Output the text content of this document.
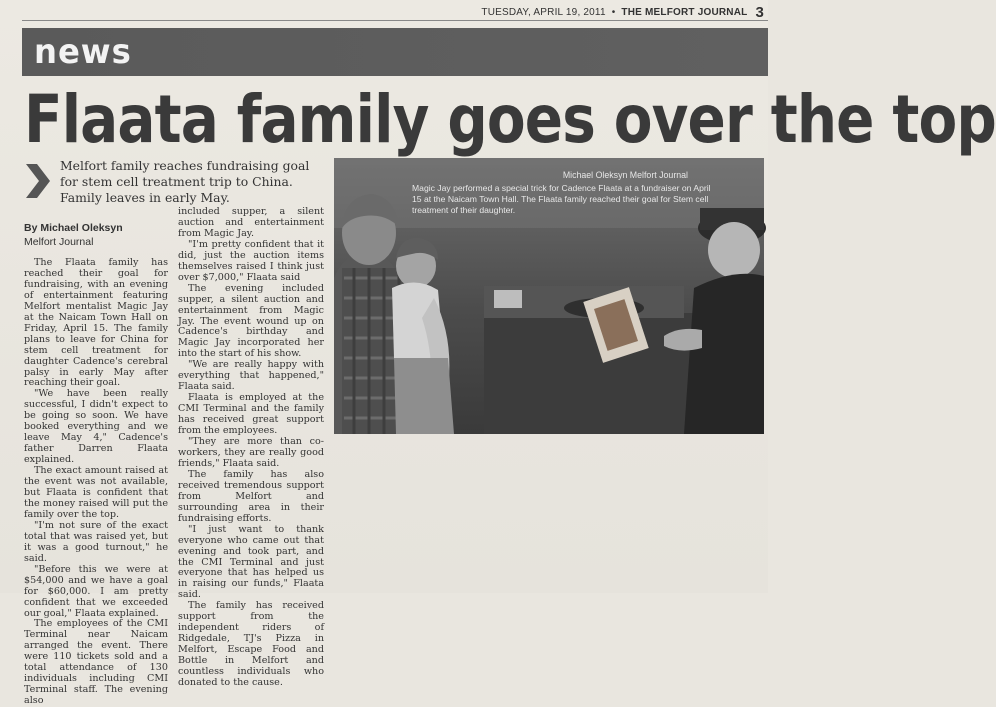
TUESDAY, APRIL 19, 2011 • THE MELFORT JOURNAL 3
news
Flaata family goes over the top
Melfort family reaches fundraising goal for stem cell treatment trip to China. Family leaves in early May.
By Michael Oleksyn
Melfort Journal

The Flaata family has reached their goal for fundraising, with an evening of entertainment featuring Melfort mentalist Magic Jay at the Naicam Town Hall on Friday, April 15. The family plans to leave for China for stem cell treatment for daughter Cadence's cerebral palsy in early May after reaching their goal.

"We have been really successful, I didn't expect to be going so soon. We have booked everything and we leave May 4," Cadence's father Darren Flaata explained.

The exact amount raised at the event was not available, but Flaata is confident that the money raised will put the family over the top.

"I'm not sure of the exact total that was raised yet, but it was a good turnout," he said.

"Before this we were at $54,000 and we have a goal for $60,000. I am pretty confident that we exceeded our goal," Flaata explained.

The employees of the CMI Terminal near Naicam arranged the event. There were 110 tickets sold and a total attendance of 130 individuals including CMI Terminal staff. The evening also

included supper, a silent auction and entertainment from Magic Jay.

"I'm pretty confident that it did, just the auction items themselves raised I think just over $7,000," Flaata said

The evening included supper, a silent auction and entertainment from Magic Jay. The event wound up on Cadence's birthday and Magic Jay incorporated her into the start of his show.

"We are really happy with everything that happened," Flaata said.

Flaata is employed at the CMI Terminal and the family has received great support from the employees.

"They are more than co-workers, they are really good friends," Flaata said.

The family has also received tremendous support from Melfort and surrounding area in their fundraising efforts.

"I just want to thank everyone who came out that evening and took part, and the CMI Terminal and just everyone that has helped us in raising our funds," Flaata said.

The family has received support from the independent riders of Ridgedale, TJ's Pizza in Melfort, Escape Food and Bottle in Melfort and countless individuals who donated to the cause.

Michael Oleksyn Melfort Journal
Magic Jay performed a special trick for Cadence Flaata at a fundraiser on April 15 at the Naicam Town Hall. The Flaata family reached their goal for Stem cell treatment of their daughter.
